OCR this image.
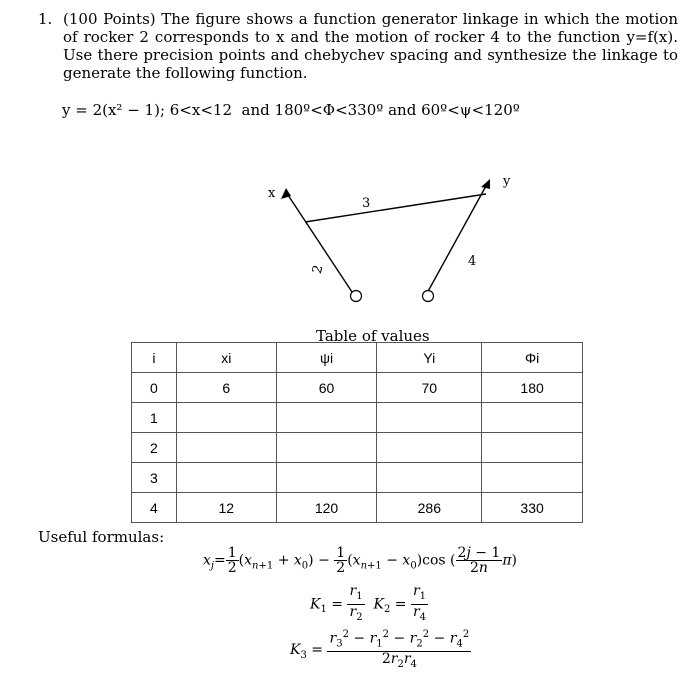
1. (100 Points) The figure shows a function generator linkage in which the motion of rocker 2 corresponds to x and the motion of rocker 4 to the function y=f(x). Use there precision points and chebychev spacing and synthesize the linkage to generate the following function.
y = 2(x² − 1); 6<x<12 and 180º<Φ<330º and 60º<ψ<120º
x
y
2
3
4
Table of values
i	xi	ψi	Yi	Φi
0	6	60	70	180
1				
2				
3				
4	12	120	286	330
Useful formulas:
$x_j= \frac{1}{2} (x_{n+1} + x_0) - \frac{1}{2} (x_{n+1} - x_0)\cos$ ( $\frac{2j - 1}{2n} \pi$)
$K_1 = \frac{r_1}{r_2} K_2 = \frac{r_1}{r_4}$
$K_3 = \frac{r_3^2 - r_1^2 - r_2^2 - r_4^2}{2r_2r_4}$
